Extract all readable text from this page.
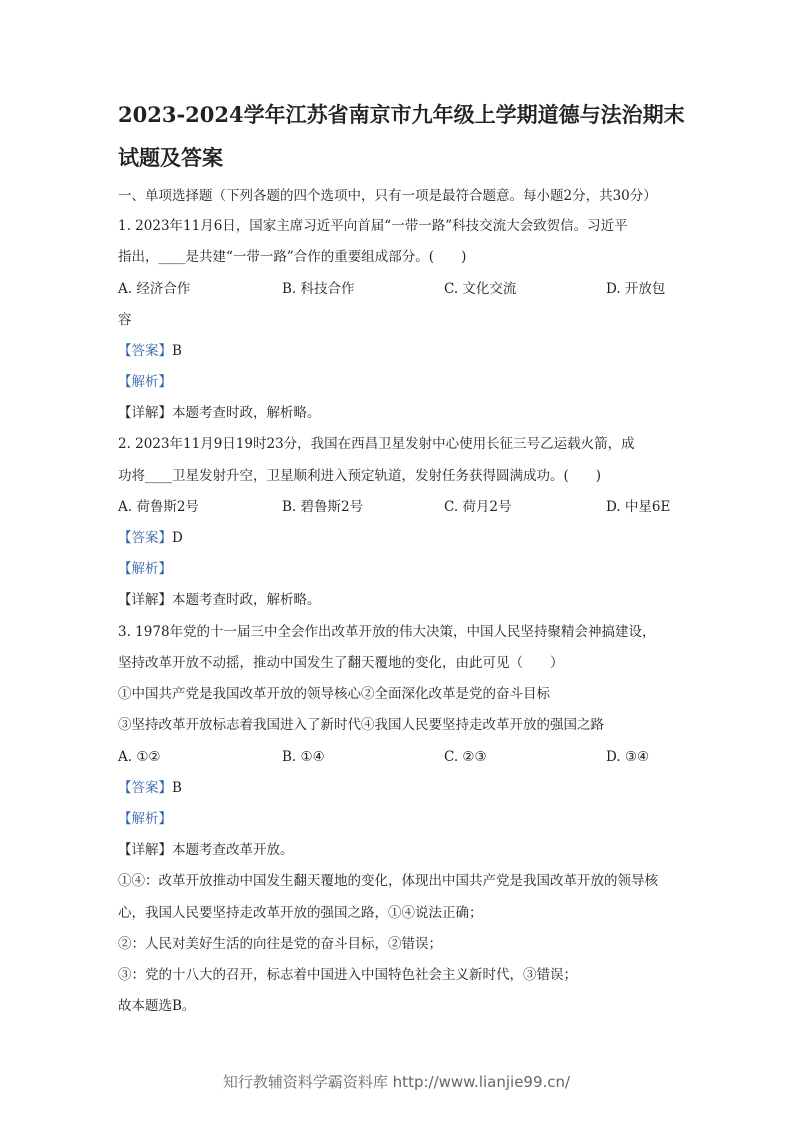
2023-2024学年江苏省南京市九年级上学期道德与法治期末
试题及答案
一、单项选择题（下列各题的四个选项中，只有一项是最符合题意。每小题2分，共30分）
1. 2023年11月6日，国家主席习近平向首届“一带一路”科技交流大会致贺信。习近平
指出，____是共建“一带一路”合作的重要组成部分。(　　)
A. 经济合作	B. 科技合作	C. 文化交流	D. 开放包
容
【答案】B
【解析】
【详解】本题考查时政，解析略。
2. 2023年11月9日19时23分，我国在西昌卫星发射中心使用长征三号乙运载火箭，成
功将____卫星发射升空，卫星顺利进入预定轨道，发射任务获得圆满成功。(　　)
A. 荷鲁斯2号	B. 碧鲁斯2号	C. 荷月2号	D. 中星6E
【答案】D
【解析】
【详解】本题考查时政，解析略。
3. 1978年党的十一届三中全会作出改革开放的伟大决策，中国人民坚持聚精会神搞建设，
坚持改革开放不动摇，推动中国发生了翻天覆地的变化，由此可见（　　）
①中国共产党是我国改革开放的领导核心②全面深化改革是党的奋斗目标
③坚持改革开放标志着我国进入了新时代④我国人民要坚持走改革开放的强国之路
A. ①②	B. ①④	C. ②③	D. ③④
【答案】B
【解析】
【详解】本题考查改革开放。
①④：改革开放推动中国发生翻天覆地的变化，体现出中国共产党是我国改革开放的领导核
心，我国人民要坚持走改革开放的强国之路，①④说法正确；
②：人民对美好生活的向往是党的奋斗目标，②错误；
③：党的十八大的召开，标志着中国进入中国特色社会主义新时代，③错误；
故本题选B。
知行教辅资料学霸资料库 http://www.lianjie99.cn/
